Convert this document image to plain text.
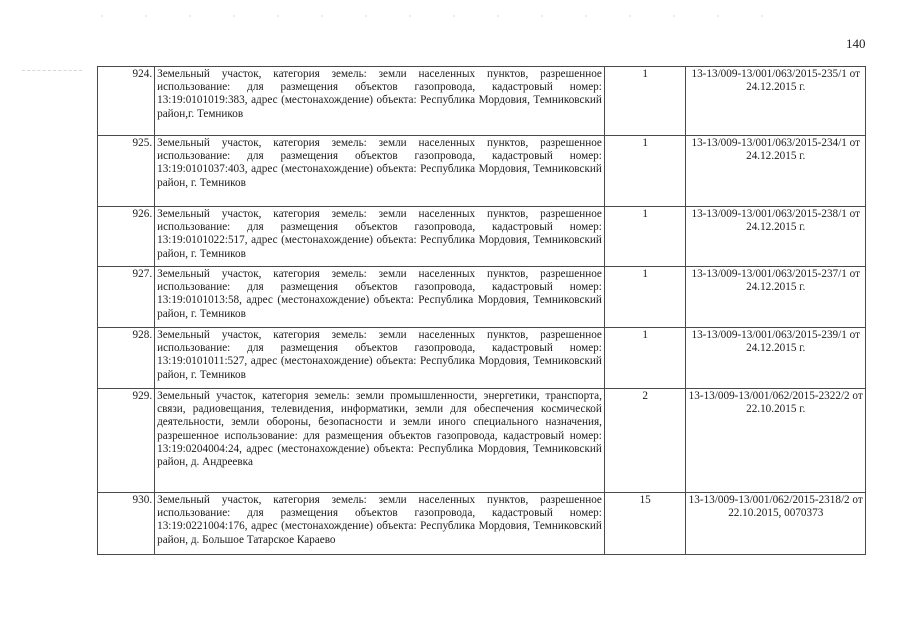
140
924.	Земельный участок, категория земель: земли населенных пунктов, разрешенное использование: для размещения объектов газопровода, кадастровый номер: 13:19:0101019:383, адрес (местонахождение) объекта: Республика Мордовия, Темниковский район,г. Темников	1	13-13/009-13/001/063/2015-235/1 от 24.12.2015 г.
925.	Земельный участок, категория земель: земли населенных пунктов, разрешенное использование: для размещения объектов газопровода, кадастровый номер: 13:19:0101037:403, адрес (местонахождение) объекта: Республика Мордовия, Темниковский район, г. Темников	1	13-13/009-13/001/063/2015-234/1 от 24.12.2015 г.
926.	Земельный участок, категория земель: земли населенных пунктов, разрешенное использование: для размещения объектов газопровода, кадастровый номер: 13:19:0101022:517, адрес (местонахождение) объекта: Республика Мордовия, Темниковский район, г. Темников	1	13-13/009-13/001/063/2015-238/1 от 24.12.2015 г.
927.	Земельный участок, категория земель: земли населенных пунктов, разрешенное использование: для размещения объектов газопровода, кадастровый номер: 13:19:0101013:58, адрес (местонахождение) объекта: Республика Мордовия, Темниковский район, г. Темников	1	13-13/009-13/001/063/2015-237/1 от 24.12.2015 г.
928.	Земельный участок, категория земель: земли населенных пунктов, разрешенное использование: для размещения объектов газопровода, кадастровый номер: 13:19:0101011:527, адрес (местонахождение) объекта: Республика Мордовия, Темниковский район, г. Темников	1	13-13/009-13/001/063/2015-239/1 от 24.12.2015 г.
929.	Земельный участок, категория земель: земли промышленности, энергетики, транспорта, связи, радиовещания, телевидения, информатики, земли для обеспечения космической деятельности, земли обороны, безопасности и земли иного специального назначения, разрешенное использование: для размещения объектов газопровода, кадастровый номер: 13:19:0204004:24, адрес (местонахождение) объекта: Республика Мордовия, Темниковский район, д. Андреевка	2	13-13/009-13/001/062/2015-2322/2 от 22.10.2015 г.
930.	Земельный участок, категория земель: земли населенных пунктов, разрешенное использование: для размещения объектов газопровода, кадастровый номер: 13:19:0221004:176, адрес (местонахождение) объекта: Республика Мордовия, Темниковский район, д. Большое Татарское Караево	15	13-13/009-13/001/062/2015-2318/2 от 22.10.2015, 0070373
